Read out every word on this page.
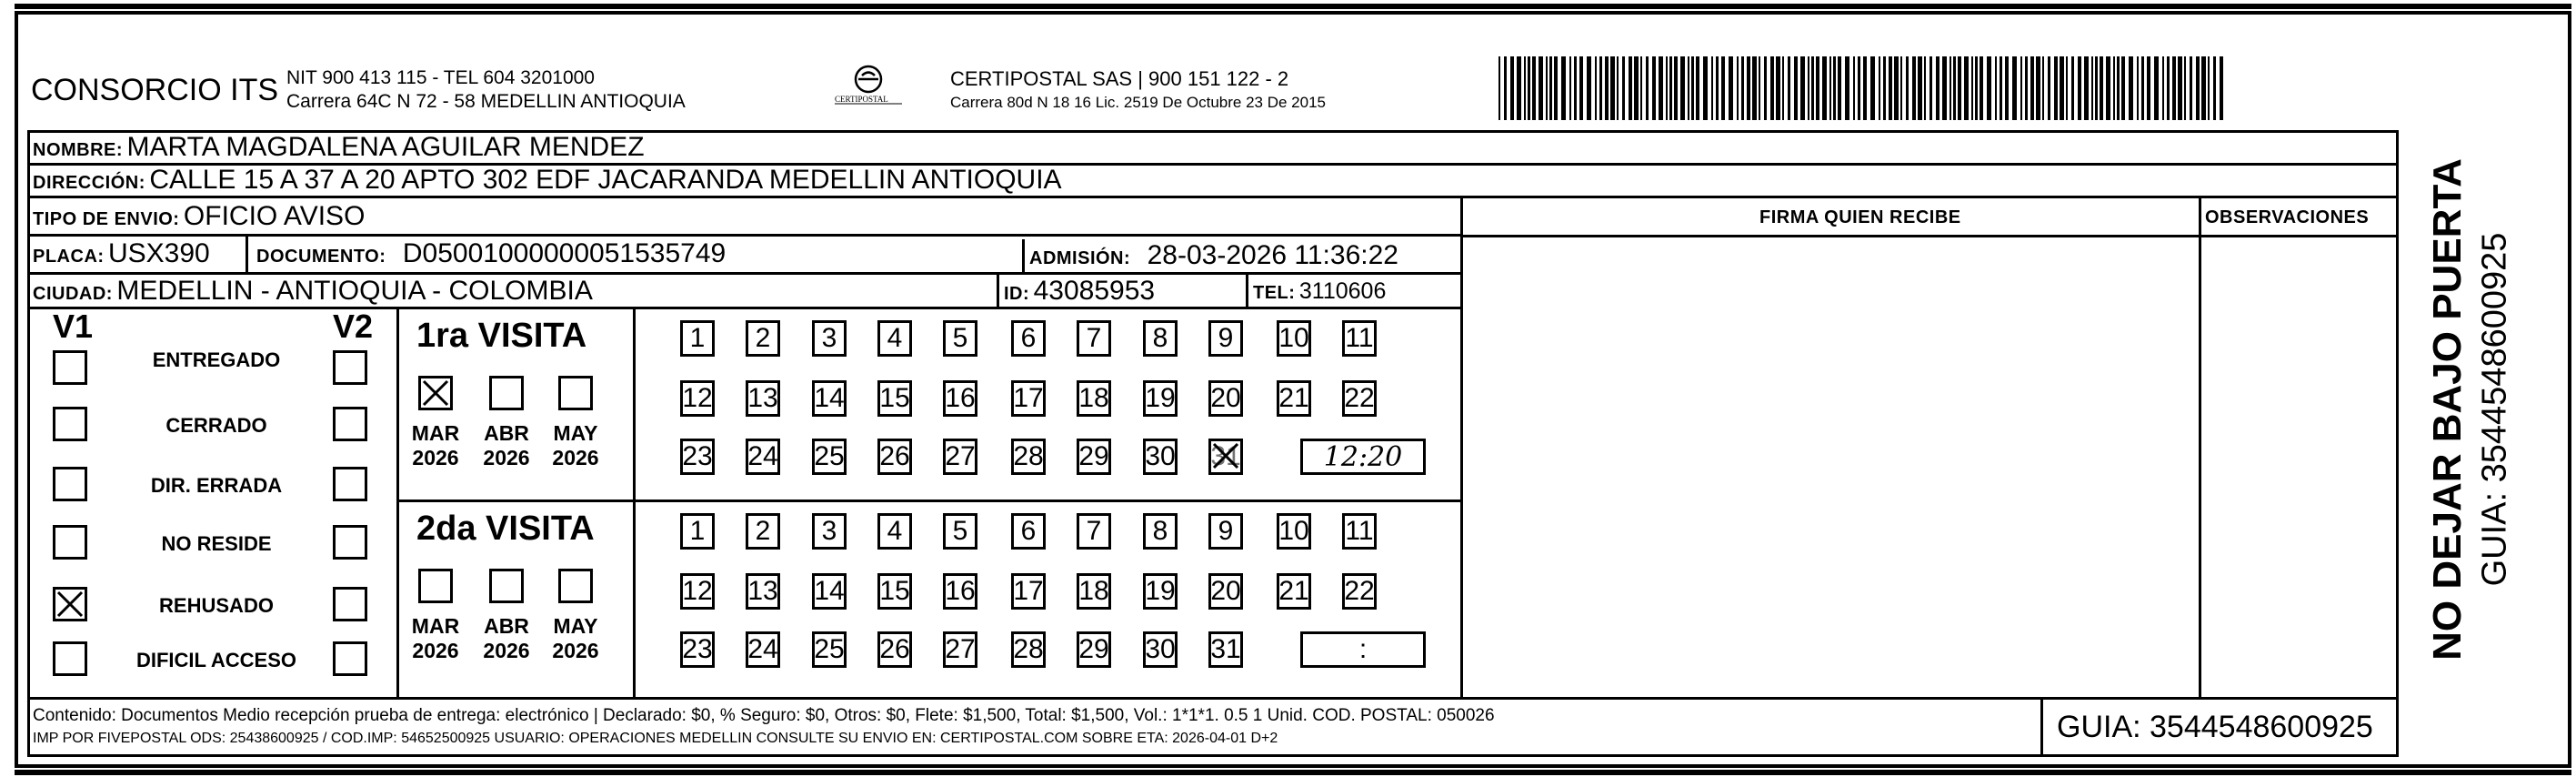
CONSORCIO ITS NIT 900 413 115 - TEL 604 3201000
Carrera 64C N 72 - 58 MEDELLIN ANTIOQUIA	CERTIPOSTAL
CERTIPOSTAL SAS | 900 151 122 - 2
Carrera 80d N 18 16 Lic. 2519 De Octubre 23 De 2015
NOMBRE: MARTA MAGDALENA AGUILAR MENDEZ
DIRECCIÓN: CALLE 15 A 37 A 20 APTO 302 EDF JACARANDA MEDELLIN ANTIOQUIA
FIRMA QUIEN RECIBE	OBSERVACIONES
TIPO DE ENVIO: OFICIO AVISO
PLACA: USX390	DOCUMENTO: D05001000000051535749	ADMISIÓN: 28-03-2026 11:36:22
CIUDAD: MEDELLIN - ANTIOQUIA - COLOMBIA	ID: 43085953	TEL: 3110606
V1	V2
ENTREGADO
CERRADO
DIR. ERRADA
NO RESIDE
REHUSADO
DIFICIL ACCESO
1ra VISITA
2da VISITA
MAR
2026
ABR
2026
MAY
2026
1 2 3 4 5 6 7 8 9 10 11
12 13 14 15 16 17 18 19 20 21 22
23 24 25 26 27 28 29 30 31	12:20
MAR
2026
ABR
2026
MAY
2026
1 2 3 4 5 6 7 8 9 10 11
12 13 14 15 16 17 18 19 20 21 22
23 24 25 26 27 28 29 30 31	:
Contenido: Documentos Medio recepción prueba de entrega: electrónico | Declarado: $0, % Seguro: $0, Otros: $0, Flete: $1,500, Total: $1,500, Vol.: 1*1*1. 0.5 1 Unid. COD. POSTAL: 050026
IMP POR FIVEPOSTAL ODS: 25438600925 / COD.IMP: 54652500925 USUARIO: OPERACIONES MEDELLIN CONSULTE SU ENVIO EN: CERTIPOSTAL.COM SOBRE ETA: 2026-04-01 D+2	GUIA: 3544548600925
NO DEJAR BAJO PUERTA GUIA: 3544548600925
